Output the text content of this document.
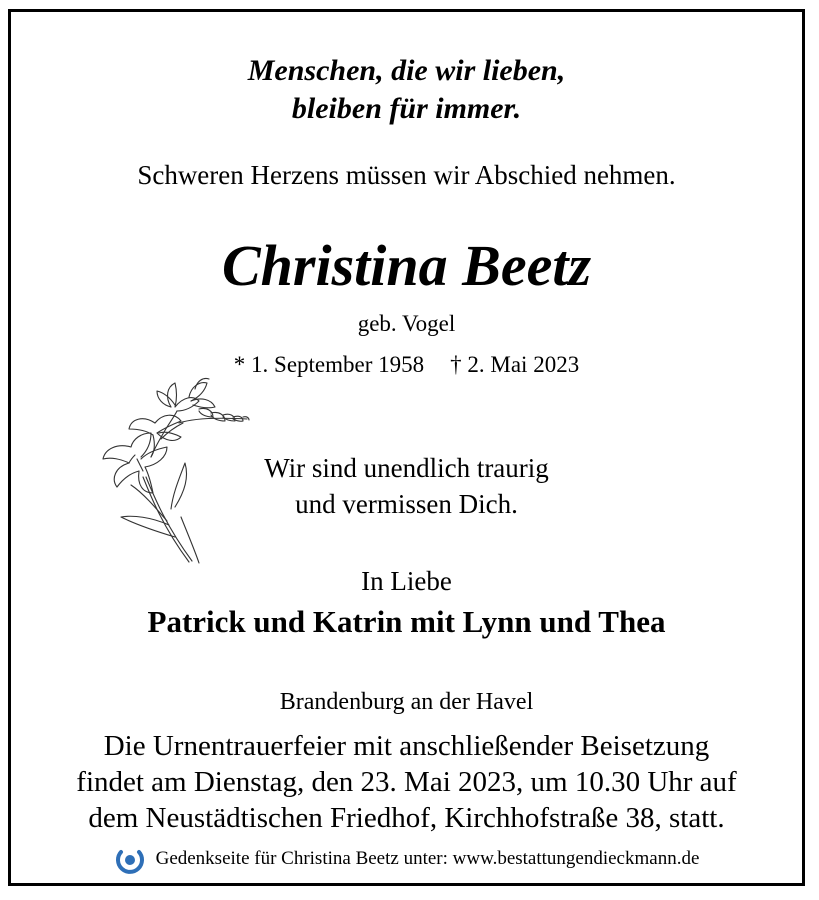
Menschen, die wir lieben,
bleiben für immer.
Schweren Herzens müssen wir Abschied nehmen.
Christina Beetz
geb. Vogel
* 1. September 1958 † 2. Mai 2023
Wir sind unendlich traurig
und vermissen Dich.
In Liebe
Patrick und Katrin mit Lynn und Thea
Brandenburg an der Havel
Die Urnentrauerfeier mit anschließender Beisetzung
findet am Dienstag, den 23. Mai 2023, um 10.30 Uhr auf
dem Neustädtischen Friedhof, Kirchhofstraße 38, statt.
Gedenkseite für Christina Beetz unter: www.bestattungendieckmann.de
